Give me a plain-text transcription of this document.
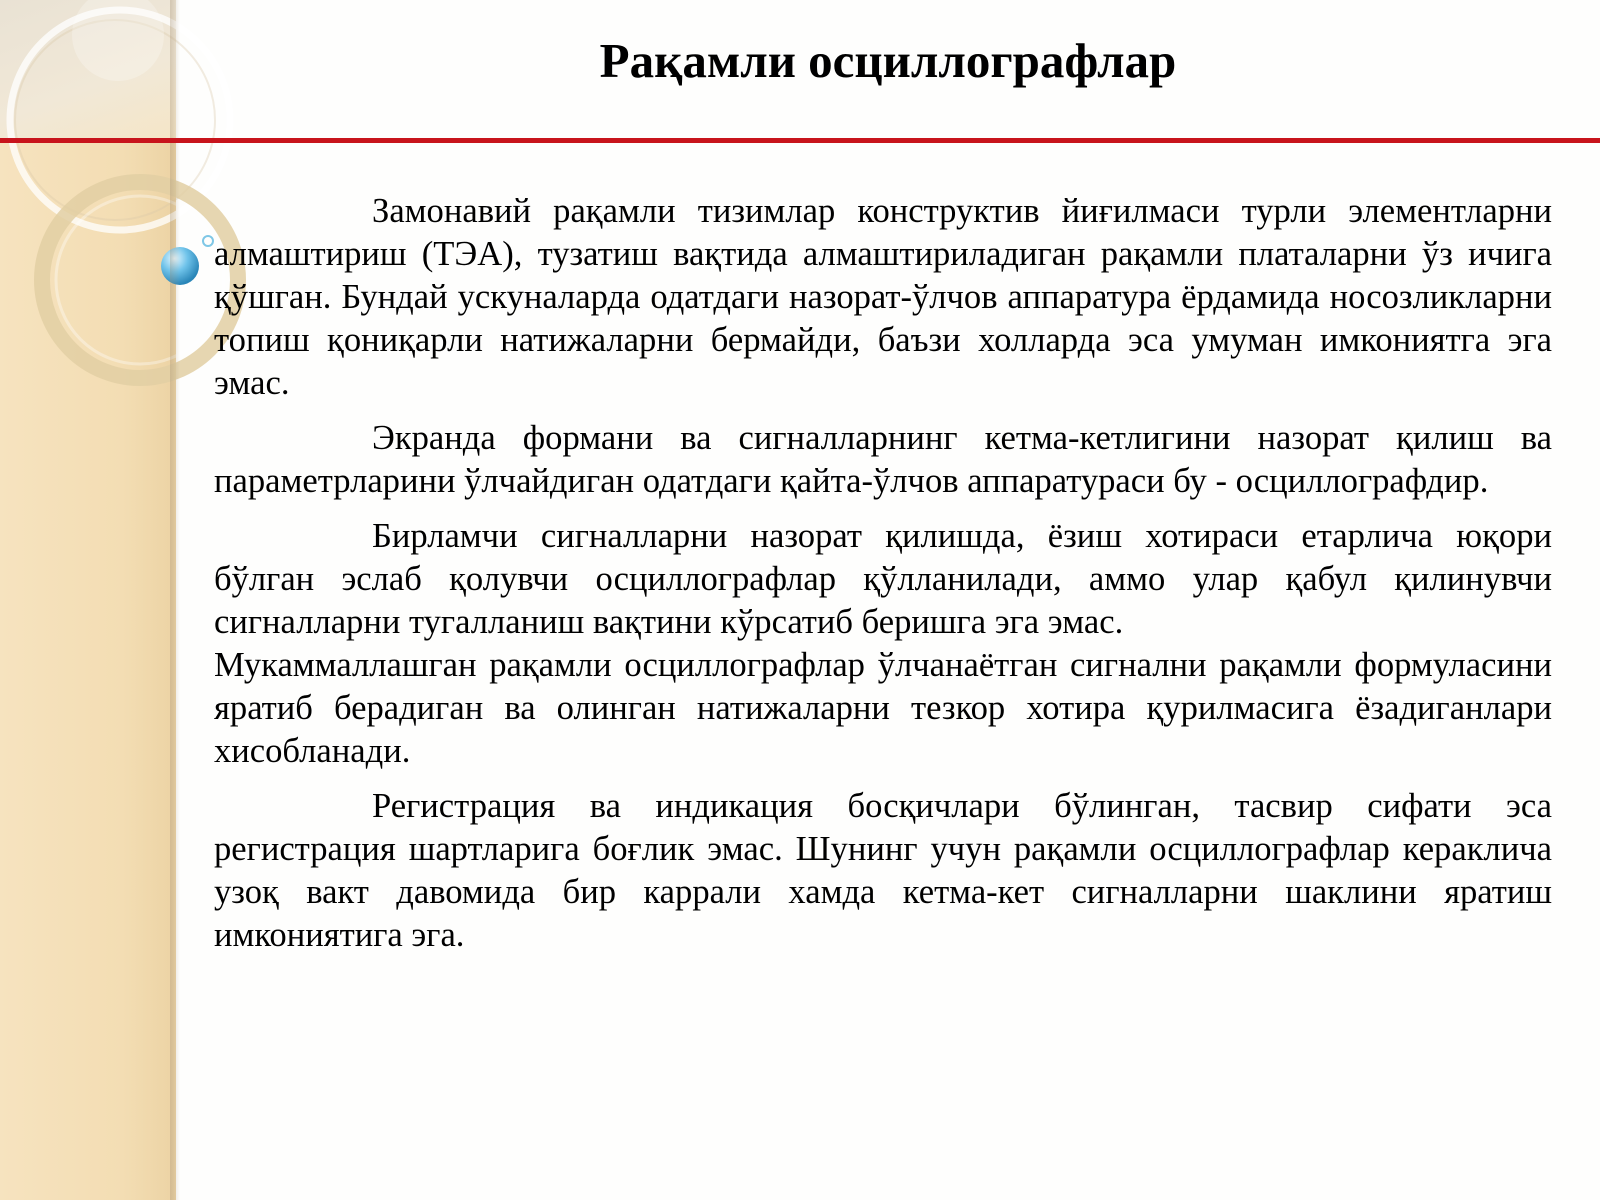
Рақамли осциллографлар

Замонавий рақамли тизимлар конструктив йиғилмаси турли элементларни алмаштириш (ТЭА), тузатиш вақтида алмаштириладиган рақамли платаларни ўз ичига қўшган. Бундай ускуналарда одатдаги назорат-ўлчов аппаратура ёрдамида носозликларни топиш қониқарли натижаларни бермайди, баъзи холларда эса умуман имкониятга эга эмас.

Экранда формани ва сигналларнинг кетма-кетлигини назорат қилиш ва параметрларини ўлчайдиган одатдаги қайта-ўлчов аппаратураси бу - осциллографдир.

Бирламчи сигналларни назорат қилишда, ёзиш хотираси етарлича юқори бўлган эслаб қолувчи осциллографлар қўлланилади, аммо улар қабул қилинувчи сигналларни тугалланиш вақтини кўрсатиб беришга эга эмас.

Мукаммаллашган рақамли осциллографлар ўлчанаётган сигнални рақамли формуласини яратиб берадиган ва олинган натижаларни тезкор хотира қурилмасига ёзадиганлари хисобланади.

Регистрация ва индикация босқичлари бўлинган, тасвир сифати эса регистрация шартларига боғлик эмас. Шунинг учун рақамли осциллографлар кераклича узоқ вакт давомида бир каррали хамда кетма-кет сигналларни шаклини яратиш имкониятига эга.
